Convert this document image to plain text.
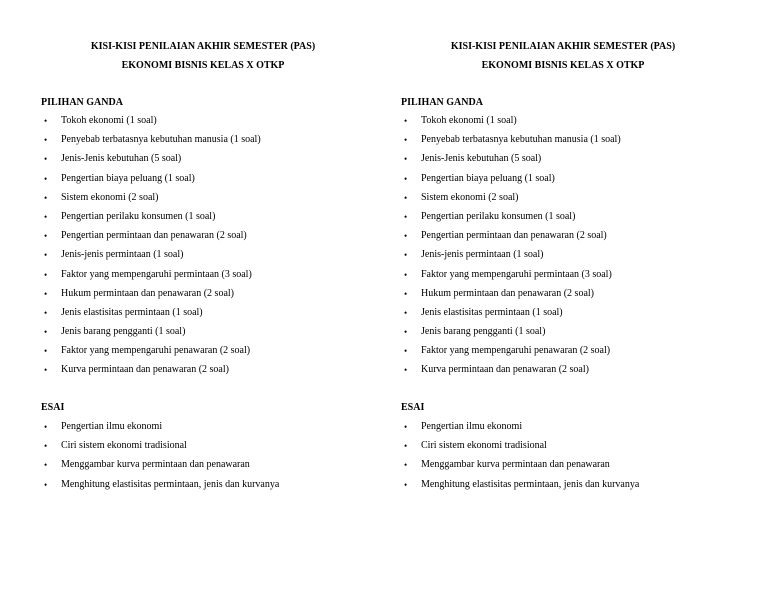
KISI-KISI PENILAIAN AKHIR SEMESTER (PAS)
EKONOMI BISNIS KELAS X OTKP
PILIHAN GANDA
• Tokoh ekonomi (1 soal)
• Penyebab terbatasnya kebutuhan manusia (1 soal)
• Jenis-Jenis kebutuhan (5 soal)
• Pengertian biaya peluang (1 soal)
• Sistem ekonomi (2 soal)
• Pengertian perilaku konsumen (1 soal)
• Pengertian permintaan dan penawaran (2 soal)
• Jenis-jenis permintaan (1 soal)
• Faktor yang mempengaruhi permintaan (3 soal)
• Hukum permintaan dan penawaran (2 soal)
• Jenis elastisitas permintaan (1 soal)
• Jenis barang pengganti (1 soal)
• Faktor yang mempengaruhi penawaran (2 soal)
• Kurva permintaan dan penawaran (2 soal)
ESAI
• Pengertian ilmu ekonomi
• Ciri sistem ekonomi tradisional
• Menggambar kurva permintaan dan penawaran
• Menghitung elastisitas permintaan, jenis dan kurvanya
KISI-KISI PENILAIAN AKHIR SEMESTER (PAS)
EKONOMI BISNIS KELAS X OTKP
PILIHAN GANDA
• Tokoh ekonomi (1 soal)
• Penyebab terbatasnya kebutuhan manusia (1 soal)
• Jenis-Jenis kebutuhan (5 soal)
• Pengertian biaya peluang (1 soal)
• Sistem ekonomi (2 soal)
• Pengertian perilaku konsumen (1 soal)
• Pengertian permintaan dan penawaran (2 soal)
• Jenis-jenis permintaan (1 soal)
• Faktor yang mempengaruhi permintaan (3 soal)
• Hukum permintaan dan penawaran (2 soal)
• Jenis elastisitas permintaan (1 soal)
• Jenis barang pengganti (1 soal)
• Faktor yang mempengaruhi penawaran (2 soal)
• Kurva permintaan dan penawaran (2 soal)
ESAI
• Pengertian ilmu ekonomi
• Ciri sistem ekonomi tradisional
• Menggambar kurva permintaan dan penawaran
• Menghitung elastisitas permintaan, jenis dan kurvanya
